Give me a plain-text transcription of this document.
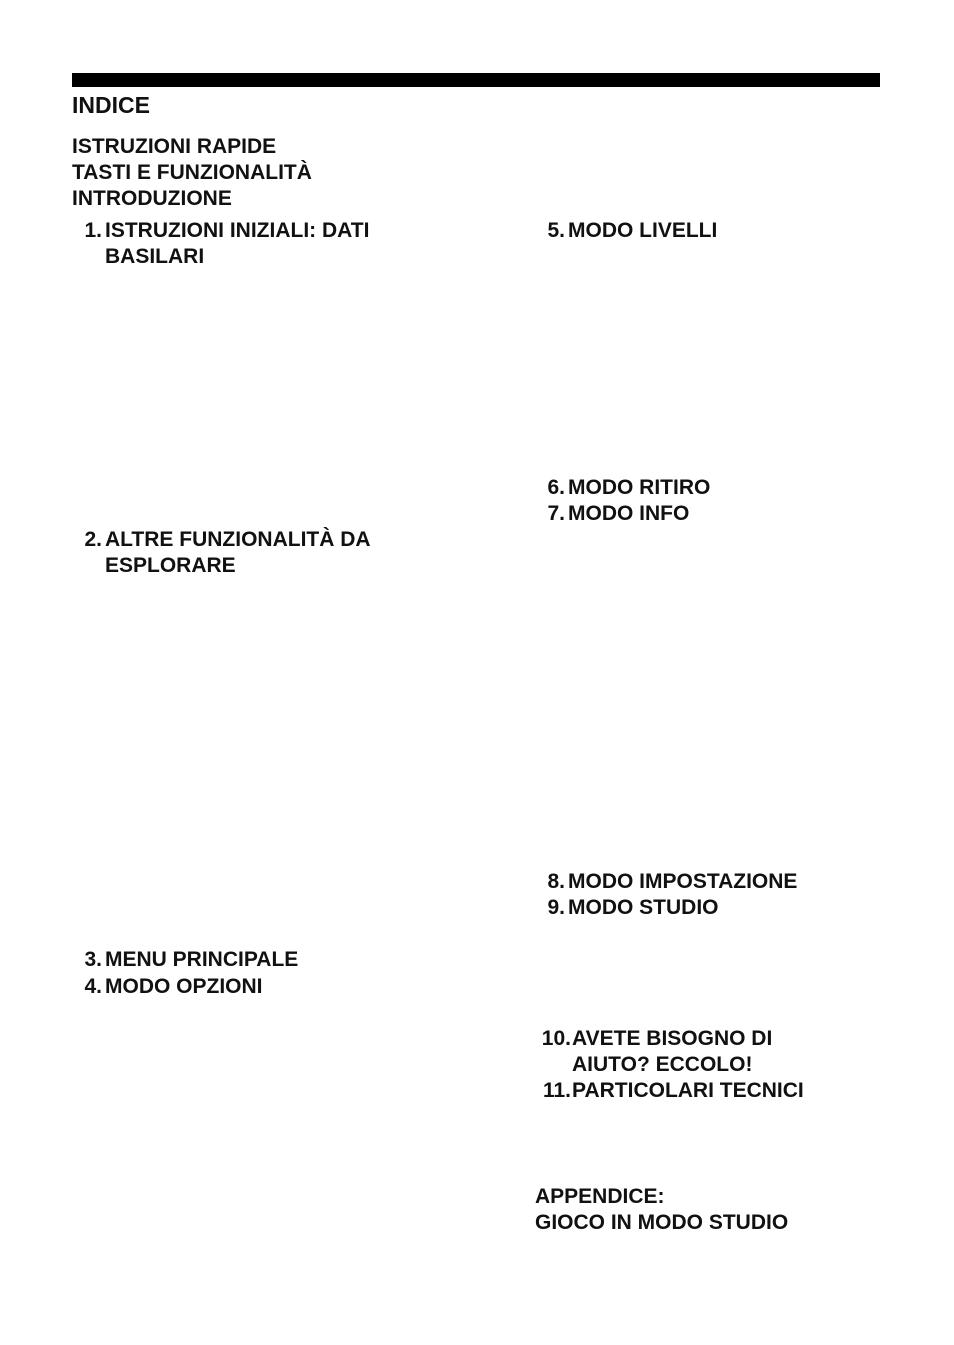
INDICE
ISTRUZIONI RAPIDE
TASTI E FUNZIONALITÀ
INTRODUZIONE
1. ISTRUZIONI INIZIALI: DATI
BASILARI
2. ALTRE FUNZIONALITÀ DA
ESPLORARE
3. MENU PRINCIPALE
4. MODO OPZIONI
5. MODO LIVELLI
6. MODO RITIRO
7. MODO INFO
8. MODO IMPOSTAZIONE
9. MODO STUDIO
10. AVETE BISOGNO DI
AIUTO? ECCOLO!
11. PARTICOLARI TECNICI
APPENDICE:
GIOCO IN MODO STUDIO
